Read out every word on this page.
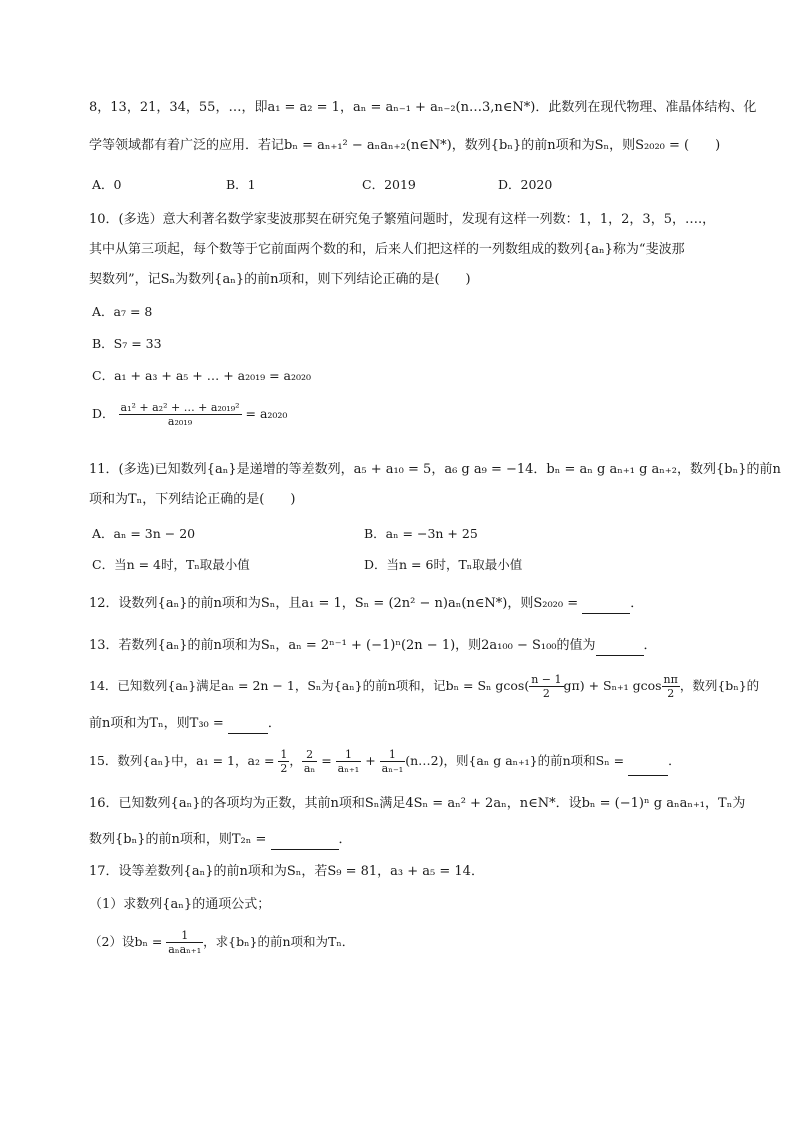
8，13，21，34，55，…，即a₁ = a₂ = 1，aₙ = aₙ₋₁ + aₙ₋₂(n…3,n∈N*)．此数列在现代物理、准晶体结构、化
学等领域都有着广泛的应用．若记bₙ = aₙ₊₁² − aₙaₙ₊₂(n∈N*)，数列{bₙ}的前n项和为Sₙ，则S₂₀₂₀ = (　　)
A．0	B．1	C．2019	D．2020
10．(多选）意大利著名数学家斐波那契在研究兔子繁殖问题时，发现有这样一列数：1，1，2，3，5，….，
其中从第三项起，每个数等于它前面两个数的和，后来人们把这样的一列数组成的数列{aₙ}称为“斐波那
契数列”，记Sₙ为数列{aₙ}的前n项和，则下列结论正确的是(　　)
A．a₇ = 8
B．S₇ = 33
C．a₁ + a₃ + a₅ + … + a₂₀₁₉ = a₂₀₂₀
D． $\frac{\text{a₁² + a₂² + … + a₂₀₁₉²}}{\text{a₂₀₁₉}} = a_{2020}$
11．(多选)已知数列{aₙ}是递增的等差数列，a₅ + a₁₀ = 5，a₆ g a₉ = −14．bₙ = aₙ g aₙ₊₁ g aₙ₊₂，数列{bₙ}的前n
项和为Tₙ，下列结论正确的是(　　)
A．aₙ = 3n − 20	B．aₙ = −3n + 25
C．当n = 4时，Tₙ取最小值	D．当n = 6时，Tₙ取最小值
12．设数列{aₙ}的前n项和为Sₙ，且a₁ = 1，Sₙ = (2n² − n)aₙ(n∈N*)，则S₂₀₂₀ =	．
13．若数列{aₙ}的前n项和为Sₙ，aₙ = 2ⁿ⁻¹ + (−1)ⁿ(2n − 1)，则2a₁₀₀ − S₁₀₀的值为	．
14．已知数列{aₙ}满足aₙ = 2n − 1，Sₙ为{aₙ}的前n项和，记bₙ = Sₙ $gcos( \frac{n - 1}{2} g\pi) + S_{n+1}$ gcos $\frac{n\pi}{2}$ ，数列{bₙ}的
前n项和为Tₙ，则T₃₀ =	．
15．数列{aₙ}中，a₁ = 1，$a_2 = \frac{1}{2}$ ， $\frac{2}{\text{aₙ}} = \frac{1}{\text{aₙ₊₁}} + \frac{1}{\text{aₙ₋₁}}$ (n…2)，则{aₙ g aₙ₊₁}的前n项和Sₙ =	．
16．已知数列{aₙ}的各项均为正数，其前n项和Sₙ满足4Sₙ = aₙ² + 2aₙ，n∈N*．设bₙ = (−1)ⁿ g aₙaₙ₊₁，Tₙ为
数列{bₙ}的前n项和，则T₂ₙ =	．
17．设等差数列{aₙ}的前n项和为Sₙ，若S₉ = 81，a₃ + a₅ = 14．
（1）求数列{aₙ}的通项公式；
（2）设$b_n = \frac{1}{\text{aₙaₙ₊₁}}$ ，求{bₙ}的前n项和为Tₙ．
